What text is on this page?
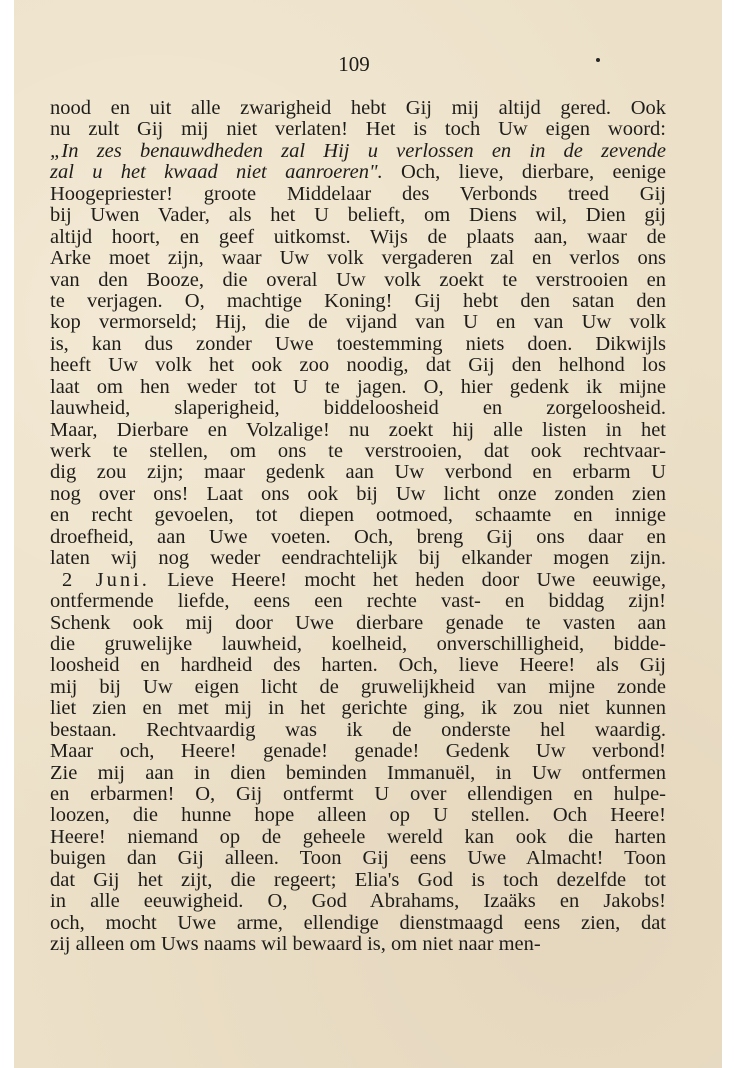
109
nood en uit alle zwarigheid hebt Gij mij altijd gered. Ook
nu zult Gij mij niet verlaten! Het is toch Uw eigen woord:
„In zes benauwdheden zal Hij u verlossen en in de zevende
zal u het kwaad niet aanroeren". Och, lieve, dierbare, eenige
Hoogepriester! groote Middelaar des Verbonds treed Gij
bij Uwen Vader, als het U belieft, om Diens wil, Dien gij
altijd hoort, en geef uitkomst. Wijs de plaats aan, waar de
Arke moet zijn, waar Uw volk vergaderen zal en verlos ons
van den Booze, die overal Uw volk zoekt te verstrooien en
te verjagen. O, machtige Koning! Gij hebt den satan den
kop vermorseld; Hij, die de vijand van U en van Uw volk
is, kan dus zonder Uwe toestemming niets doen. Dikwijls
heeft Uw volk het ook zoo noodig, dat Gij den helhond los
laat om hen weder tot U te jagen. O, hier gedenk ik mijne
lauwheid, slaperigheid, biddeloosheid en zorgeloosheid.
Maar, Dierbare en Volzalige! nu zoekt hij alle listen in het
werk te stellen, om ons te verstrooien, dat ook rechtvaar-
dig zou zijn; maar gedenk aan Uw verbond en erbarm U
nog over ons! Laat ons ook bij Uw licht onze zonden zien
en recht gevoelen, tot diepen ootmoed, schaamte en innige
droefheid, aan Uwe voeten. Och, breng Gij ons daar en
laten wij nog weder eendrachtelijk bij elkander mogen zijn.
2 Juni. Lieve Heere! mocht het heden door Uwe eeuwige,
ontfermende liefde, eens een rechte vast- en biddag zijn!
Schenk ook mij door Uwe dierbare genade te vasten aan
die gruwelijke lauwheid, koelheid, onverschilligheid, bidde-
loosheid en hardheid des harten. Och, lieve Heere! als Gij
mij bij Uw eigen licht de gruwelijkheid van mijne zonde
liet zien en met mij in het gerichte ging, ik zou niet kunnen
bestaan. Rechtvaardig was ik de onderste hel waardig.
Maar och, Heere! genade! genade! Gedenk Uw verbond!
Zie mij aan in dien beminden Immanuël, in Uw ontfermen
en erbarmen! O, Gij ontfermt U over ellendigen en hulpe-
loozen, die hunne hope alleen op U stellen. Och Heere!
Heere! niemand op de geheele wereld kan ook die harten
buigen dan Gij alleen. Toon Gij eens Uwe Almacht! Toon
dat Gij het zijt, die regeert; Elia's God is toch dezelfde tot
in alle eeuwigheid. O, God Abrahams, Izaäks en Jakobs!
och, mocht Uwe arme, ellendige dienstmaagd eens zien, dat
zij alleen om Uws naams wil bewaard is, om niet naar men-
